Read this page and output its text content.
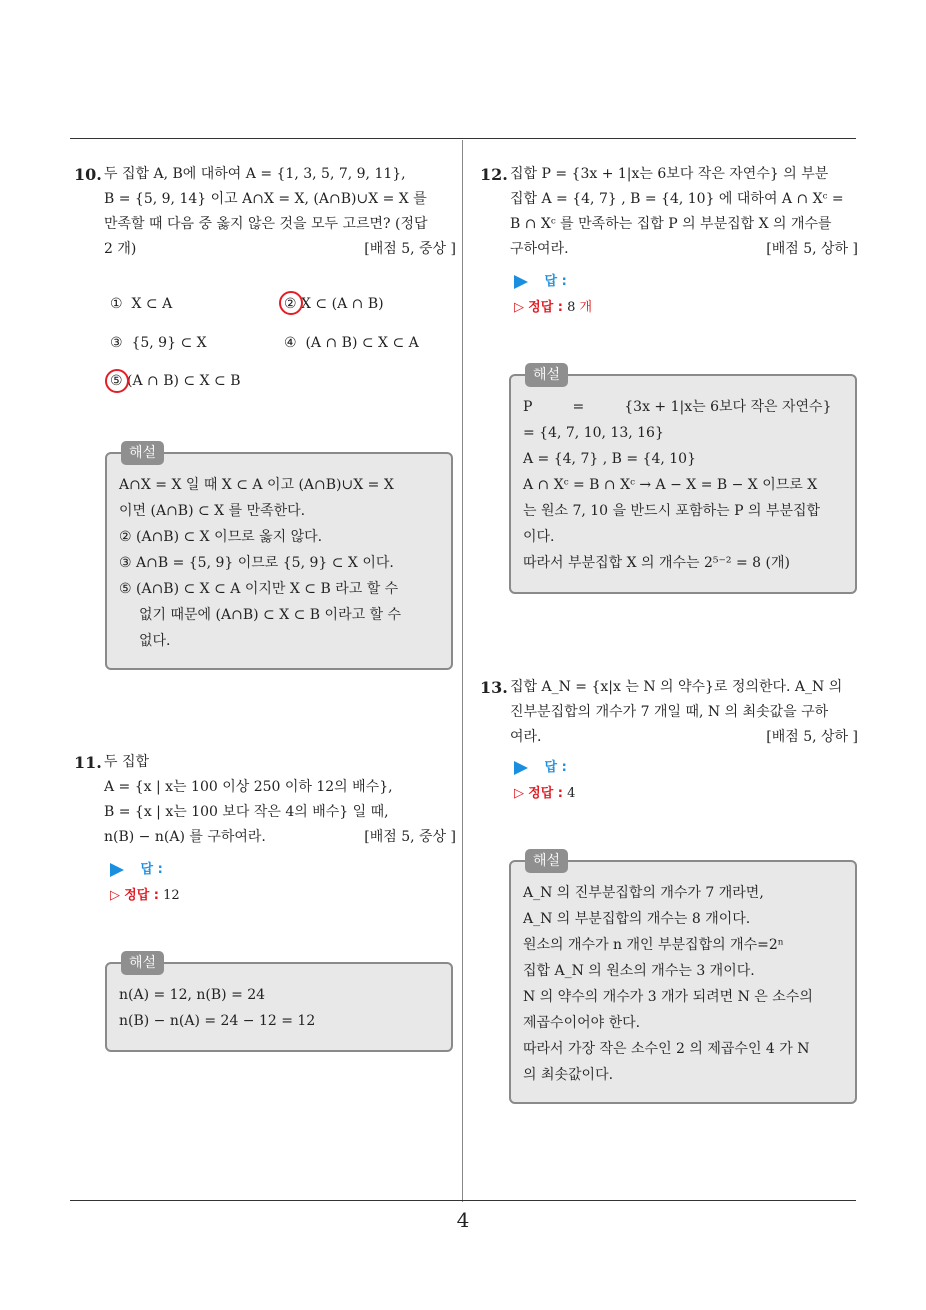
4
10. 두 집합 A, B에 대하여 A = {1, 3, 5, 7, 9, 11},
B = {5, 9, 14} 이고 A∩X = X, (A∩B)∪X = X 를
만족할 때 다음 중 옳지 않은 것을 모두 고르면? (정답
2 개)	[배점 5, 중상 ]
① X ⊂ A	② X ⊂ (A ∩ B)
③ {5, 9} ⊂ X	④ (A ∩ B) ⊂ X ⊂ A
⑤ (A ∩ B) ⊂ X ⊂ B
해설
A∩X = X 일 때 X ⊂ A 이고 (A∩B)∪X = X
이면 (A∩B) ⊂ X 를 만족한다.
② (A∩B) ⊂ X 이므로 옳지 않다.
③ A∩B = {5, 9} 이므로 {5, 9} ⊂ X 이다.
⑤ (A∩B) ⊂ X ⊂ A 이지만 X ⊂ B 라고 할 수
없기 때문에 (A∩B) ⊂ X ⊂ B 이라고 할 수
없다.
11. 두 집합
A = {x | x는 100 이상 250 이하 12의 배수},
B = {x | x는 100 보다 작은 4의 배수} 일 때,
n(B) − n(A) 를 구하여라.	[배점 5, 중상 ]
답 :
▷ 정답 : 12
해설
n(A) = 12, n(B) = 24
n(B) − n(A) = 24 − 12 = 12
12. 집합 P = {3x + 1|x는 6보다 작은 자연수} 의 부분
집합 A = {4, 7} , B = {4, 10} 에 대하여 A ∩ Xᶜ =
B ∩ Xᶜ 를 만족하는 집합 P 의 부분집합 X 의 개수를
구하여라.	[배점 5, 상하 ]
답 :
▷ 정답 : 8 개
해설
P         =         {3x + 1|x는 6보다 작은 자연수}
= {4, 7, 10, 13, 16}
A = {4, 7} , B = {4, 10}
A ∩ Xᶜ = B ∩ Xᶜ → A − X = B − X 이므로 X
는 원소 7, 10 을 반드시 포함하는 P 의 부분집합
이다.
따라서 부분집합 X 의 개수는 2⁵⁻² = 8 (개)
13. 집합 A_N = {x|x 는 N 의 약수}로 정의한다. A_N 의
진부분집합의 개수가 7 개일 때, N 의 최솟값을 구하
여라.	[배점 5, 상하 ]
답 :
▷ 정답 : 4
해설
A_N 의 진부분집합의 개수가 7 개라면,
A_N 의 부분집합의 개수는 8 개이다.
원소의 개수가 n 개인 부분집합의 개수=2ⁿ
집합 A_N 의 원소의 개수는 3 개이다.
N 의 약수의 개수가 3 개가 되려면 N 은 소수의
제곱수이어야 한다.
따라서 가장 작은 소수인 2 의 제곱수인 4 가 N
의 최솟값이다.
